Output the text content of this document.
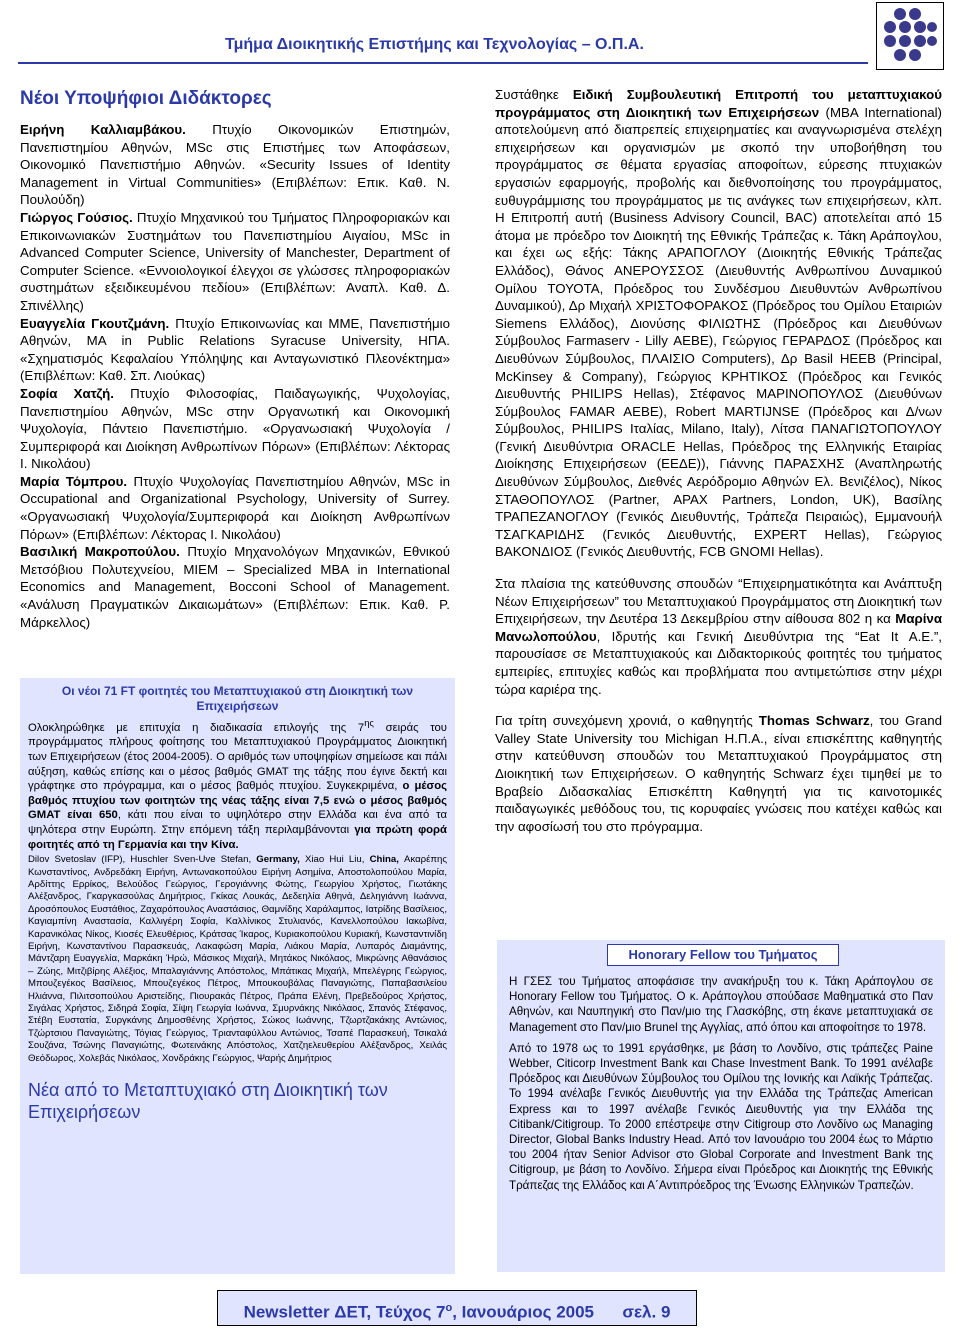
Τμήμα Διοικητικής Επιστήμης και Τεχνολογίας – Ο.Π.Α.
Νέοι Υποψήφιοι Διδάκτορες

Ειρήνη Καλλιαμβάκου. Πτυχίο Οικονομικών Επιστημών, Πανεπιστημίου Αθηνών, MSc στις Επιστήμες των Αποφάσεων, Οικονομικό Πανεπιστήμιο Αθηνών. «Security Issues of Identity Management in Virtual Communities» (Επιβλέπων: Επικ. Καθ. Ν. Πουλούδη)

Γιώργος Γούσιος. Πτυχίο Μηχανικού του Τμήματος Πληροφοριακών και Επικοινωνιακών Συστημάτων του Πανεπιστημίου Αιγαίου, MSc in Advanced Computer Science, University of Manchester, Department of Computer Science. «Εννοιολογικοί έλεγχοι σε γλώσσες πληροφοριακών συστημάτων εξειδικευμένου πεδίου» (Επιβλέπων: Αναπλ. Καθ. Δ. Σπινέλλης)

Ευαγγελία Γκουτζμάνη. Πτυχίο Επικοινωνίας και ΜΜΕ, Πανεπιστήμιο Αθηνών, MA in Public Relations Syracuse University, ΗΠΑ. «Σχηματισμός Κεφαλαίου Υπόληψης και Ανταγωνιστικό Πλεονέκτημα» (Επιβλέπων: Καθ. Σπ. Λιούκας)

Σοφία Χατζή. Πτυχίο Φιλοσοφίας, Παιδαγωγικής, Ψυχολογίας, Πανεπιστημίου Αθηνών, MSc στην Οργανωτική και Οικονομική Ψυχολογία, Πάντειο Πανεπιστήμιο. «Οργανωσιακή Ψυχολογία / Συμπεριφορά και Διοίκηση Ανθρωπίνων Πόρων» (Επιβλέπων: Λέκτορας Ι. Νικολάου)

Μαρία Τόμπρου. Πτυχίο Ψυχολογίας Πανεπιστημίου Αθηνών, MSc in Occupational and Organizational Psychology, University of Surrey. «Οργανωσιακή Ψυχολογία/Συμπεριφορά και Διοίκηση Ανθρωπίνων Πόρων» (Επιβλέπων: Λέκτορας Ι. Νικολάου)

Βασιλική Μακροπούλου. Πτυχίο Μηχανολόγων Μηχανικών, Εθνικού Μετσόβιου Πολυτεχνείου, MIEM – Specialized MBA in International Economics and Management, Bocconi School of Management. «Ανάλυση Πραγματικών Δικαιωμάτων» (Επιβλέπων: Επικ. Καθ. Ρ. Μάρκελλος)

Οι νέοι 71 FT φοιτητές του Μεταπτυχιακού στη Διοικητική των Επιχειρήσεων
Ολοκληρώθηκε με επιτυχία η διαδικασία επιλογής της $7^{\eta\varsigma}$ σειράς του προγράμματος πλήρους φοίτησης του Μεταπτυχιακού Προγράμματος Διοικητική των Επιχειρήσεων (έτος 2004-2005). Ο αριθμός των υποψηφίων σημείωσε και πάλι αύξηση, καθώς επίσης και ο μέσος βαθμός GMAT της τάξης που έγινε δεκτή και γράφτηκε στο πρόγραμμα, και ο μέσος βαθμός πτυχίου. Συγκεκριμένα, ο μέσος βαθμός πτυχίου των φοιτητών της νέας τάξης είναι 7,5 ενώ ο μέσος βαθμός GMAT είναι 650, κάτι που είναι το υψηλότερο στην Ελλάδα και ένα από τα ψηλότερα στην Ευρώπη. Στην επόμενη τάξη περιλαμβάνονται για πρώτη φορά φοιτητές από τη Γερμανία και την Κίνα.
Dilov Svetoslav (IFP), Huschler Sven-Uve Stefan, Germany, Xiao Hui Liu, China, Ακαρέπης Κωνσταντίνος, Ανδρεδάκη Ειρήνη, Αντωνακοπούλου Ειρήνη Ασημίνα, Αποστολοπούλου Μαρία, Αρδίττης Ερρίκος, Βελούδος Γεώργιος, Γερογιάννης Φώτης, Γεωργίου Χρήστος, Γιωτάκης Αλέξανδρος, Γκαργκασούλας Δημήτριος, Γκίκας Λουκάς, Δεδεηλία Αθηνά, Δεληγιάννη Ιωάννα, Δροσόπουλος Ευστάθιος, Ζαχαρόπουλος Αναστάσιος, Θαμνίδης Χαράλαμπος, Ιατρίδης Βασίλειος, Καγιαμπίνη Αναστασία, Καλλιγέρη Σοφία, Καλλίνικος Στυλιανός, Κανελλοπούλου Ιακωβίνα, Καρανικόλας Νίκος, Κιοσές Ελευθέριος, Κράτσας Ίκαρος, Κυριακοπούλου Κυριακή, Κωνσταντινίδη Ειρήνη, Κωνσταντίνου Παρασκευάς, Λακαφώση Μαρία, Λιάκου Μαρία, Λυπαρός Διαμάντης, Μάντζαρη Ευαγγελία, Μαρκάκη Ήρώ, Μάσικος Μιχαήλ, Μητάκος Νικόλαος, Μικρώνης Αθανάσιος – Ζώης, Μιτζιβίρης Αλέξιος, Μπαλαγιάννης Απόστολος, Μπάτικας Μιχαήλ, Μπελέγρης Γεώργιος, Μπουζεγέκος Βασίλειος, Μπουζεγέκος Πέτρος, Μπουκουβάλας Παναγιώτης, Παπαβασιλείου Ηλιάννα, Πιλιτσοπούλου Αριστείδης, Πιουρακάς Πέτρος, Πράπα Ελένη, Πρεβεδούρος Χρήστος, Σιγάλας Χρήστος, Σιδηρά Σοφία, Σίψη Γεωργία Ιωάννα, Σμυρνάκης Νικόλαος, Σπανός Στέφανος, Στέβη Ευστατία, Συργκάνης Δημοσθένης Χρήστος, Σώκος Ιωάννης, Τζωρτζακάκης Αντώνιος, Τζώρτσιου Παναγιώτης, Τόγιας Γεώργιος, Τριανταφύλλου Αντώνιος, Τσαπέ Παρασκευή, Τσικαλά Σουζάνα, Τσώνης Παναγιώτης, Φωτεινάκης Απόστολος, Χατζηελευθερίου Αλέξανδρος, Χειλάς Θεόδωρος, Χολεβάς Νικόλαος, Χονδράκης Γεώργιος, Ψαρής Δημήτριος
Νέα από το Μεταπτυχιακό στη Διοικητική των Επιχειρήσεων

Συστάθηκε Ειδική Συμβουλευτική Επιτροπή του μεταπτυχιακού προγράμματος στη Διοικητική των Επιχειρήσεων (MBA International) αποτελούμενη από διαπρεπείς επιχειρηματίες και αναγνωρισμένα στελέχη επιχειρήσεων και οργανισμών με σκοπό την υποβοήθηση του προγράμματος σε θέματα εργασίας αποφοίτων, εύρεσης πτυχιακών εργασιών εφαρμογής, προβολής και διεθνοποίησης του προγράμματος, ευθυγράμμισης του προγράμματος με τις ανάγκες των επιχειρήσεων, κλπ. Η Επιτροπή αυτή (Business Advisory Council, BAC) αποτελείται από 15 άτομα με πρόεδρο τον Διοικητή της Εθνικής Τράπεζας κ. Τάκη Αράπογλου, και έχει ως εξής: Τάκης ΑΡΑΠΟΓΛΟΥ (Διοικητής Εθνικής Τράπεζας Ελλάδος), Θάνος ΑΝΕΡΟΥΣΣΟΣ (Διευθυντής Ανθρωπίνου Δυναμικού Ομίλου ΤΟΥΟΤΑ, Πρόεδρος του Συνδέσμου Διευθυντών Ανθρωπίνου Δυναμικού), Δρ Μιχαήλ ΧΡΙΣΤΟΦΟΡΑΚΟΣ (Πρόεδρος του Ομίλου Εταιριών Siemens Ελλάδος), Διονύσης ΦΙΛΙΩΤΗΣ (Πρόεδρος και Διευθύνων Σύμβουλος Farmaserv - Lilly ΑΕΒΕ), Γεώργιος ΓΕΡΑΡΔΟΣ (Πρόεδρος και Διευθύνων Σύμβουλος, ΠΛΑΙΣΙΟ Computers), Δρ Basil HEEB (Principal, McKinsey & Company), Γεώργιος ΚΡΗΤΙΚΟΣ (Πρόεδρος και Γενικός Διευθυντής PHILIPS Hellas), Στέφανος ΜΑΡΙΝΟΠΟΥΛΟΣ (Διευθύνων Σύμβουλος FAMAR AEBE), Robert MARTIJNSE (Πρόεδρος και Δ/νων Σύμβουλος, PHILIPS Ιταλίας, Milano, Italy), Λίτσα ΠΑΝΑΓΙΩΤΟΠΟΥΛΟΥ (Γενική Διευθύντρια ORACLE Hellas, Πρόεδρος της Ελληνικής Εταιρίας Διοίκησης Επιχειρήσεων (ΕΕΔΕ)), Γιάννης ΠΑΡΑΣΧΗΣ (Αναπληρωτής Διευθύνων Σύμβουλος, Διεθνές Αερόδρομιο Αθηνών Ελ. Βενιζέλος), Νίκος ΣΤΑΘΟΠΟΥΛΟΣ (Partner, APAX Partners, London, UK), Βασίλης ΤΡΑΠΕΖΑΝΟΓΛΟΥ (Γενικός Διευθυντής, Τράπεζα Πειραιώς), Εμμανουήλ ΤΣΑΓΚΑΡΙΔΗΣ (Γενικός Διευθυντής, EXPERT Hellas), Γεώργιος ΒΑΚΟΝΔΙΟΣ (Γενικός Διευθυντής, FCB GNOMI Hellas).

Στα πλαίσια της κατεύθυνσης σπουδών “Επιχειρηματικότητα και Ανάπτυξη Νέων Επιχειρήσεων” του Μεταπτυχιακού Προγράμματος στη Διοικητική των Επιχειρήσεων, την Δευτέρα 13 Δεκεμβρίου στην αίθουσα 802 η κα Μαρίνα Μανωλοπούλου, Ιδρυτής και Γενική Διευθύντρια της “Eat It A.E.”, παρουσίασε σε Μεταπτυχιακούς και Διδακτορικούς φοιτητές του τμήματος εμπειρίες, επιτυχίες καθώς και προβλήματα που αντιμετώπισε στην μέχρι τώρα καριέρα της.

Για τρίτη συνεχόμενη χρονιά, ο καθηγητής Thomas Schwarz, του Grand Valley State University του Michigan Η.Π.Α., είναι επισκέπτης καθηγητής στην κατεύθυνση σπουδών του Μεταπτυχιακού Προγράμματος στη Διοικητική των Επιχειρήσεων. Ο καθηγητής Schwarz έχει τιμηθεί με το Βραβείο Διδασκαλίας Επισκέπτη Καθηγητή για τις καινοτομικές παιδαγωγικές μεθόδους του, τις κορυφαίες γνώσεις που κατέχει καθώς και την αφοσίωσή του στο πρόγραμμα.

Honorary Fellow του Τμήματος

Η ΓΣΕΣ του Τμήματος αποφάσισε την ανακήρυξη του κ. Τάκη Αράπογλου σε Honorary Fellow του Τμήματος. Ο κ. Αράπογλου σπούδασε Μαθηματικά στο Παν Αθηνών, και Ναυπηγική στο Παν/μιο της Γλασκόβης, στη έκανε μεταπτυχιακά σε Management στο Παν/μιο Brunel της Αγγλίας, από όπου και αποφοίτησε το 1978.

Από το 1978 ως το 1991 εργάσθηκε, με βάση το Λονδίνο, στις τράπεζες Paine Webber, Citicorp Investment Bank και Chase Investment Bank. Το 1991 ανέλαβε Πρόεδρος και Διευθύνων Σύμβουλος του Ομίλου της Ιονικής και Λαϊκής Τράπεζας. Το 1994 ανέλαβε Γενικός Διευθυντής για την Ελλάδα της Τράπεζας American Express και το 1997 ανέλαβε Γενικός Διευθυντής για την Ελλάδα της Citibank/Citigroup. Το 2000 επέστρεψε στην Citigroup στο Λονδίνο ως Managing Director, Global Banks Industry Head. Από τον Ιανουάριο του 2004 έως το Μάρτιο του 2004 ήταν Senior Advisor στο Global Corporate and Investment Bank της Citigroup, με βάση το Λονδίνο. Σήμερα είναι Πρόεδρος και Διοικητής της Εθνικής Τράπεζας της Ελλάδος και Α΄Αντιπρόεδρος της Ένωσης Ελληνικών Τραπεζών.

Newsletter ΔΕΤ, Τεύχος $7^o$, Ιανουάριος 2005 σελ. 9
